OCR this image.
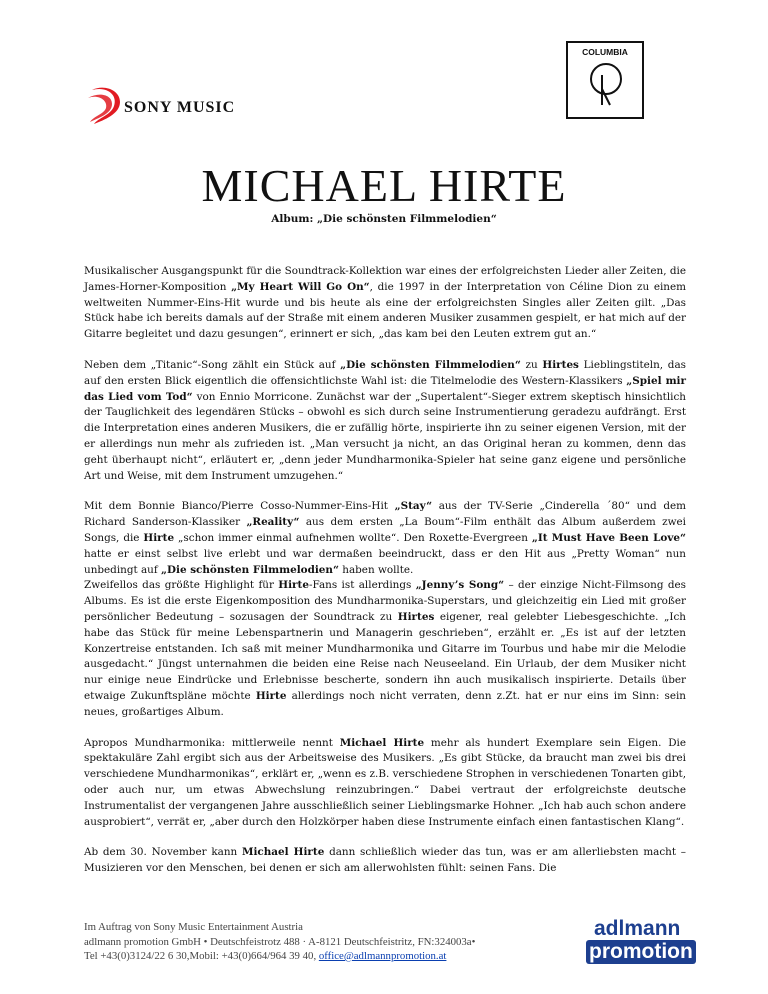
SONY MUSIC
COLUMBIA
MICHAEL HIRTE
Album: „Die schönsten Filmmelodien“

Musikalischer Ausgangspunkt für die Soundtrack-Kollektion war eines der erfolgreichsten Lieder aller Zeiten, die James-Horner-Komposition „My Heart Will Go On“, die 1997 in der Interpretation von Céline Dion zu einem weltweiten Nummer-Eins-Hit wurde und bis heute als eine der erfolgreichsten Singles aller Zeiten gilt. „Das Stück habe ich bereits damals auf der Straße mit einem anderen Musiker zusammen gespielt, er hat mich auf der Gitarre begleitet und dazu gesungen“, erinnert er sich, „das kam bei den Leuten extrem gut an.“

Neben dem „Titanic“-Song zählt ein Stück auf „Die schönsten Filmmelodien“ zu Hirtes Lieblingstiteln, das auf den ersten Blick eigentlich die offensichtlichste Wahl ist: die Titelmelodie des Western-Klassikers „Spiel mir das Lied vom Tod“ von Ennio Morricone. Zunächst war der „Supertalent“-Sieger extrem skeptisch hinsichtlich der Tauglichkeit des legendären Stücks – obwohl es sich durch seine Instrumentierung geradezu aufdrängt. Erst die Interpretation eines anderen Musikers, die er zufällig hörte, inspirierte ihn zu seiner eigenen Version, mit der er allerdings nun mehr als zufrieden ist. „Man versucht ja nicht, an das Original heran zu kommen, denn das geht überhaupt nicht“, erläutert er, „denn jeder Mundharmonika-Spieler hat seine ganz eigene und persönliche Art und Weise, mit dem Instrument umzugehen.“

Mit dem Bonnie Bianco/Pierre Cosso-Nummer-Eins-Hit „Stay“ aus der TV-Serie „Cinderella ´80“ und dem Richard Sanderson-Klassiker „Reality“ aus dem ersten „La Boum“-Film enthält das Album außerdem zwei Songs, die Hirte „schon immer einmal aufnehmen wollte“. Den Roxette-Evergreen „It Must Have Been Love“ hatte er einst selbst live erlebt und war dermaßen beeindruckt, dass er den Hit aus „Pretty Woman“ nun unbedingt auf „Die schönsten Filmmelodien“ haben wollte.

Zweifellos das größte Highlight für Hirte-Fans ist allerdings „Jenny’s Song“ – der einzige Nicht-Filmsong des Albums. Es ist die erste Eigenkomposition des Mundharmonika-Superstars, und gleichzeitig ein Lied mit großer persönlicher Bedeutung – sozusagen der Soundtrack zu Hirtes eigener, real gelebter Liebesgeschichte. „Ich habe das Stück für meine Lebenspartnerin und Managerin geschrieben“, erzählt er. „Es ist auf der letzten Konzertreise entstanden. Ich saß mit meiner Mundharmonika und Gitarre im Tourbus und habe mir die Melodie ausgedacht.“ Jüngst unternahmen die beiden eine Reise nach Neuseeland. Ein Urlaub, der dem Musiker nicht nur einige neue Eindrücke und Erlebnisse bescherte, sondern ihn auch musikalisch inspirierte. Details über etwaige Zukunftspläne möchte Hirte allerdings noch nicht verraten, denn z.Zt. hat er nur eins im Sinn: sein neues, großartiges Album.

Apropos Mundharmonika: mittlerweile nennt Michael Hirte mehr als hundert Exemplare sein Eigen. Die spektakuläre Zahl ergibt sich aus der Arbeitsweise des Musikers. „Es gibt Stücke, da braucht man zwei bis drei verschiedene Mundharmonikas“, erklärt er, „wenn es z.B. verschiedene Strophen in verschiedenen Tonarten gibt, oder auch nur, um etwas Abwechslung reinzubringen.“ Dabei vertraut der erfolgreichste deutsche Instrumentalist der vergangenen Jahre ausschließlich seiner Lieblingsmarke Hohner. „Ich hab auch schon andere ausprobiert“, verrät er, „aber durch den Holzkörper haben diese Instrumente einfach einen fantastischen Klang“.

Ab dem 30. November kann Michael Hirte dann schließlich wieder das tun, was er am allerliebsten macht – Musizieren vor den Menschen, bei denen er sich am allerwohlsten fühlt: seinen Fans. Die

Im Auftrag von Sony Music Entertainment Austria
adlmann promotion GmbH • Deutschfeistrotz 488 · A-8121 Deutschfeistritz, FN:324003a•
Tel +43(0)3124/22 6 30,Mobil: +43(0)664/964 39 40, office@adlmannpromotion.at
adlmann
promotion
